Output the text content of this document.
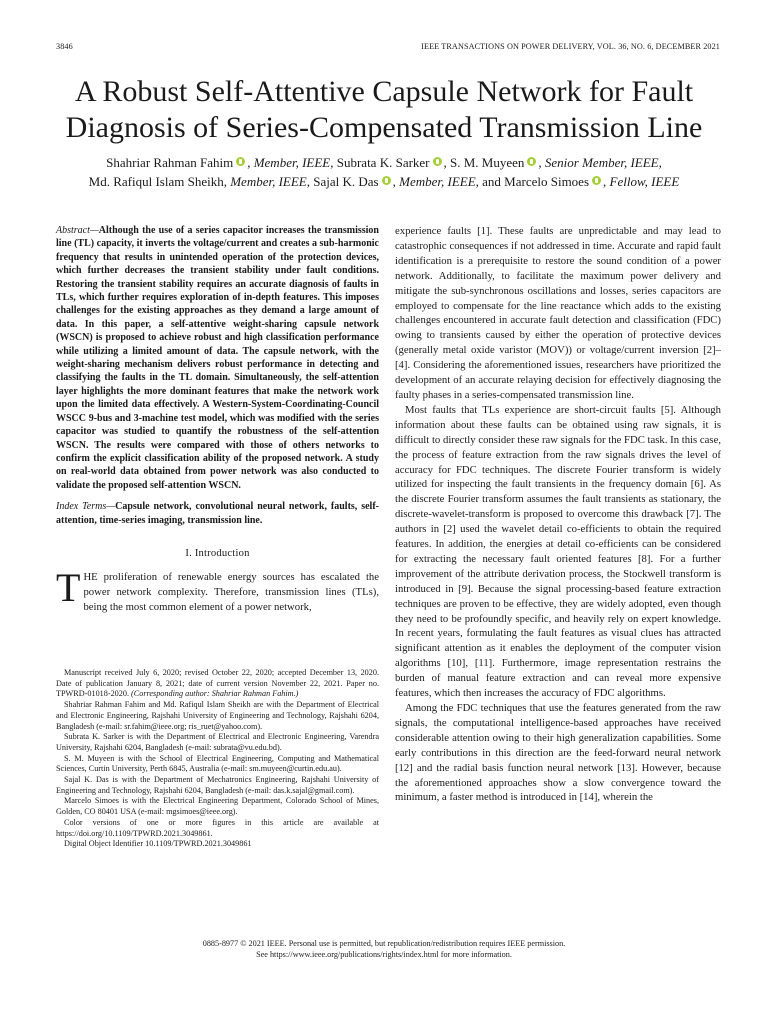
3846	IEEE TRANSACTIONS ON POWER DELIVERY, VOL. 36, NO. 6, DECEMBER 2021
A Robust Self-Attentive Capsule Network for Fault Diagnosis of Series-Compensated Transmission Line
Shahriar Rahman Fahim , Member, IEEE, Subrata K. Sarker , S. M. Muyeen , Senior Member, IEEE,
Md. Rafiqul Islam Sheikh, Member, IEEE, Sajal K. Das , Member, IEEE, and Marcelo Simoes , Fellow, IEEE

Abstract—Although the use of a series capacitor increases the transmission line (TL) capacity, it inverts the voltage/current and creates a sub-harmonic frequency that results in unintended operation of the protection devices, which further decreases the transient stability under fault conditions. Restoring the transient stability requires an accurate diagnosis of faults in TLs, which further requires exploration of in-depth features. This imposes challenges for the existing approaches as they demand a large amount of data. In this paper, a self-attentive weight-sharing capsule network (WSCN) is proposed to achieve robust and high classification performance while utilizing a limited amount of data. The capsule network, with the weight-sharing mechanism delivers robust performance in detecting and classifying the faults in the TL domain. Simultaneously, the self-attention layer highlights the more dominant features that make the network work upon the limited data effectively. A Western-System-Coordinating-Council WSCC 9-bus and 3-machine test model, which was modified with the series capacitor was studied to quantify the robustness of the self-attention WSCN. The results were compared with those of others networks to confirm the explicit classification ability of the proposed network. A study on real-world data obtained from power network was also conducted to validate the proposed self-attention WSCN.

Index Terms—Capsule network, convolutional neural network, faults, self-attention, time-series imaging, transmission line.

I. Introduction

THE proliferation of renewable energy sources has escalated the power network complexity. Therefore, transmission lines (TLs), being the most common element of a power network,

Manuscript received July 6, 2020; revised October 22, 2020; accepted December 13, 2020. Date of publication January 8, 2021; date of current version November 22, 2021. Paper no. TPWRD-01018-2020. (Corresponding author: Shahriar Rahman Fahim.)

Shahriar Rahman Fahim and Md. Rafiqul Islam Sheikh are with the Department of Electrical and Electronic Engineering, Rajshahi University of Engineering and Technology, Rajshahi 6204, Bangladesh (e-mail: sr.fahim@ieee.org; ris_ruet@yahoo.com).

Subrata K. Sarker is with the Department of Electrical and Electronic Engineering, Varendra University, Rajshahi 6204, Bangladesh (e-mail: subrata@vu.edu.bd).

S. M. Muyeen is with the School of Electrical Engineering, Computing and Mathematical Sciences, Curtin University, Perth 6845, Australia (e-mail: sm.muyeen@curtin.edu.au).

Sajal K. Das is with the Department of Mechatronics Engineering, Rajshahi University of Engineering and Technology, Rajshahi 6204, Bangladesh (e-mail: das.k.sajal@gmail.com).

Marcelo Simoes is with the Electrical Engineering Department, Colorado School of Mines, Golden, CO 80401 USA (e-mail: mgsimoes@ieee.org).

Color versions of one or more figures in this article are available at https://doi.org/10.1109/TPWRD.2021.3049861.

Digital Object Identifier 10.1109/TPWRD.2021.3049861

experience faults [1]. These faults are unpredictable and may lead to catastrophic consequences if not addressed in time. Accurate and rapid fault identification is a prerequisite to restore the sound condition of a power network. Additionally, to facilitate the maximum power delivery and mitigate the sub-synchronous oscillations and losses, series capacitors are employed to compensate for the line reactance which adds to the existing challenges encountered in accurate fault detection and classification (FDC) owing to transients caused by either the operation of protective devices (generally metal oxide varistor (MOV)) or voltage/current inversion [2]–[4]. Considering the aforementioned issues, researchers have prioritized the development of an accurate relaying decision for effectively diagnosing the faulty phases in a series-compensated transmission line.

Most faults that TLs experience are short-circuit faults [5]. Although information about these faults can be obtained using raw signals, it is difficult to directly consider these raw signals for the FDC task. In this case, the process of feature extraction from the raw signals drives the level of accuracy for FDC techniques. The discrete Fourier transform is widely utilized for inspecting the fault transients in the frequency domain [6]. As the discrete Fourier transform assumes the fault transients as stationary, the discrete-wavelet-transform is proposed to overcome this drawback [7]. The authors in [2] used the wavelet detail co-efficients to obtain the required features. In addition, the energies at detail co-efficients can be considered for extracting the necessary fault oriented features [8]. For a further improvement of the attribute derivation process, the Stockwell transform is introduced in [9]. Because the signal processing-based feature extraction techniques are proven to be effective, they are widely adopted, even though they need to be profoundly specific, and heavily rely on expert knowledge. In recent years, formulating the fault features as visual clues has attracted significant attention as it enables the deployment of the computer vision algorithms [10], [11]. Furthermore, image representation restrains the burden of manual feature extraction and can reveal more expensive features, which then increases the accuracy of FDC algorithms.

Among the FDC techniques that use the features generated from the raw signals, the computational intelligence-based approaches have received considerable attention owing to their high generalization capabilities. Some early contributions in this direction are the feed-forward neural network [12] and the radial basis function neural network [13]. However, because the aforementioned approaches show a slow convergence toward the minimum, a faster method is introduced in [14], wherein the

0885-8977 © 2021 IEEE. Personal use is permitted, but republication/redistribution requires IEEE permission.
See https://www.ieee.org/publications/rights/index.html for more information.
